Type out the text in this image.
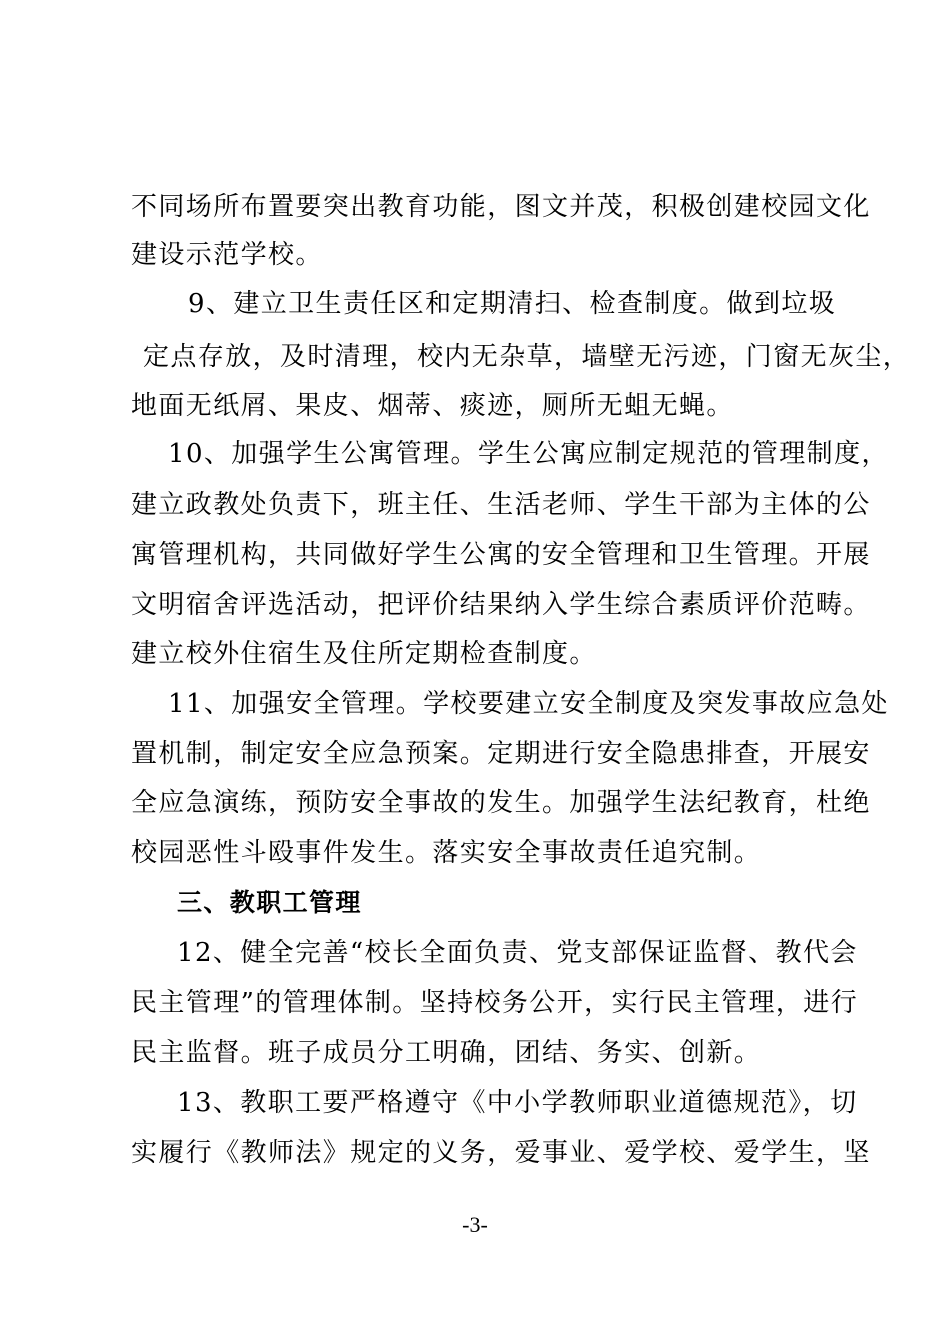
不同场所布置要突出教育功能，图文并茂，积极创建校园文化
建设示范学校。
9、建立卫生责任区和定期清扫、检查制度。做到垃圾
定点存放，及时清理，校内无杂草，墙壁无污迹，门窗无灰尘，
地面无纸屑、果皮、烟蒂、痰迹，厕所无蛆无蝇。
10、加强学生公寓管理。学生公寓应制定规范的管理制度，
建立政教处负责下，班主任、生活老师、学生干部为主体的公
寓管理机构，共同做好学生公寓的安全管理和卫生管理。开展
文明宿舍评选活动，把评价结果纳入学生综合素质评价范畴。
建立校外住宿生及住所定期检查制度。
11、加强安全管理。学校要建立安全制度及突发事故应急处
置机制，制定安全应急预案。定期进行安全隐患排查，开展安
全应急演练，预防安全事故的发生。加强学生法纪教育，杜绝
校园恶性斗殴事件发生。落实安全事故责任追究制。
三、教职工管理
12、健全完善“校长全面负责、党支部保证监督、教代会
民主管理”的管理体制。坚持校务公开，实行民主管理，进行
民主监督。班子成员分工明确，团结、务实、创新。
13、教职工要严格遵守《中小学教师职业道德规范》，切
实履行《教师法》规定的义务，爱事业、爱学校、爱学生，坚
-3-
